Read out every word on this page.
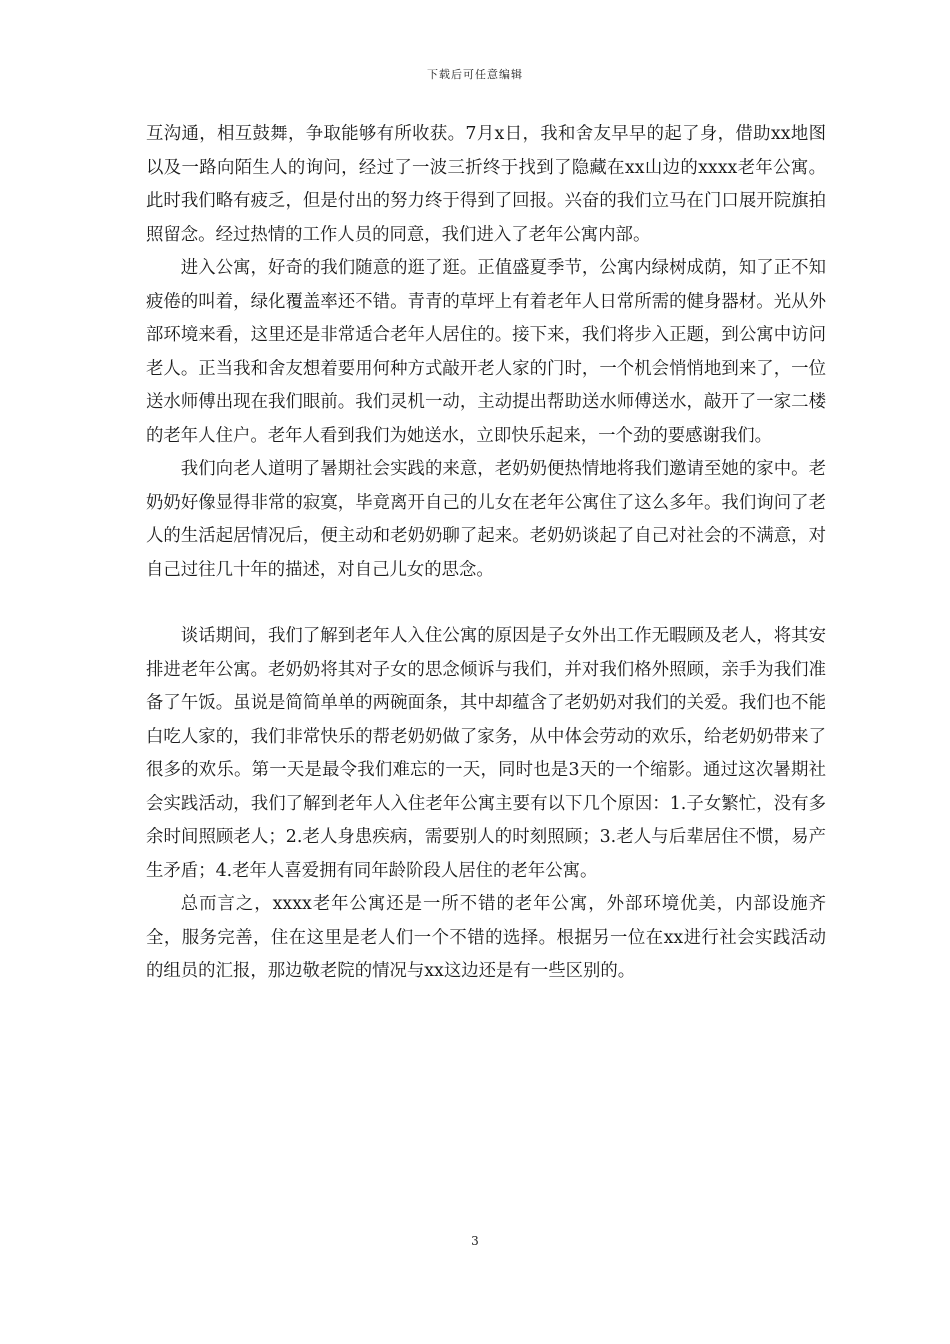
下载后可任意编辑

互沟通，相互鼓舞，争取能够有所收获。7月x日，我和舍友早早的起了身，借助xx地图以及一路向陌生人的询问，经过了一波三折终于找到了隐藏在xx山边的xxxx老年公寓。此时我们略有疲乏，但是付出的努力终于得到了回报。兴奋的我们立马在门口展开院旗拍照留念。经过热情的工作人员的同意，我们进入了老年公寓内部。

进入公寓，好奇的我们随意的逛了逛。正值盛夏季节，公寓内绿树成荫，知了正不知疲倦的叫着，绿化覆盖率还不错。青青的草坪上有着老年人日常所需的健身器材。光从外部环境来看，这里还是非常适合老年人居住的。接下来，我们将步入正题，到公寓中访问老人。正当我和舍友想着要用何种方式敲开老人家的门时，一个机会悄悄地到来了，一位送水师傅出现在我们眼前。我们灵机一动，主动提出帮助送水师傅送水，敲开了一家二楼的老年人住户。老年人看到我们为她送水，立即快乐起来，一个劲的要感谢我们。

我们向老人道明了暑期社会实践的来意，老奶奶便热情地将我们邀请至她的家中。老奶奶好像显得非常的寂寞，毕竟离开自己的儿女在老年公寓住了这么多年。我们询问了老人的生活起居情况后，便主动和老奶奶聊了起来。老奶奶谈起了自己对社会的不满意，对自己过往几十年的描述，对自己儿女的思念。

谈话期间，我们了解到老年人入住公寓的原因是子女外出工作无暇顾及老人，将其安排进老年公寓。老奶奶将其对子女的思念倾诉与我们，并对我们格外照顾，亲手为我们准备了午饭。虽说是简简单单的两碗面条，其中却蕴含了老奶奶对我们的关爱。我们也不能白吃人家的，我们非常快乐的帮老奶奶做了家务，从中体会劳动的欢乐，给老奶奶带来了很多的欢乐。第一天是最令我们难忘的一天，同时也是3天的一个缩影。通过这次暑期社会实践活动，我们了解到老年人入住老年公寓主要有以下几个原因：1.子女繁忙，没有多余时间照顾老人；2.老人身患疾病，需要别人的时刻照顾；3.老人与后辈居住不惯，易产生矛盾；4.老年人喜爱拥有同年龄阶段人居住的老年公寓。

总而言之，xxxx老年公寓还是一所不错的老年公寓，外部环境优美，内部设施齐全，服务完善，住在这里是老人们一个不错的选择。根据另一位在xx进行社会实践活动的组员的汇报，那边敬老院的情况与xx这边还是有一些区别的。

3
